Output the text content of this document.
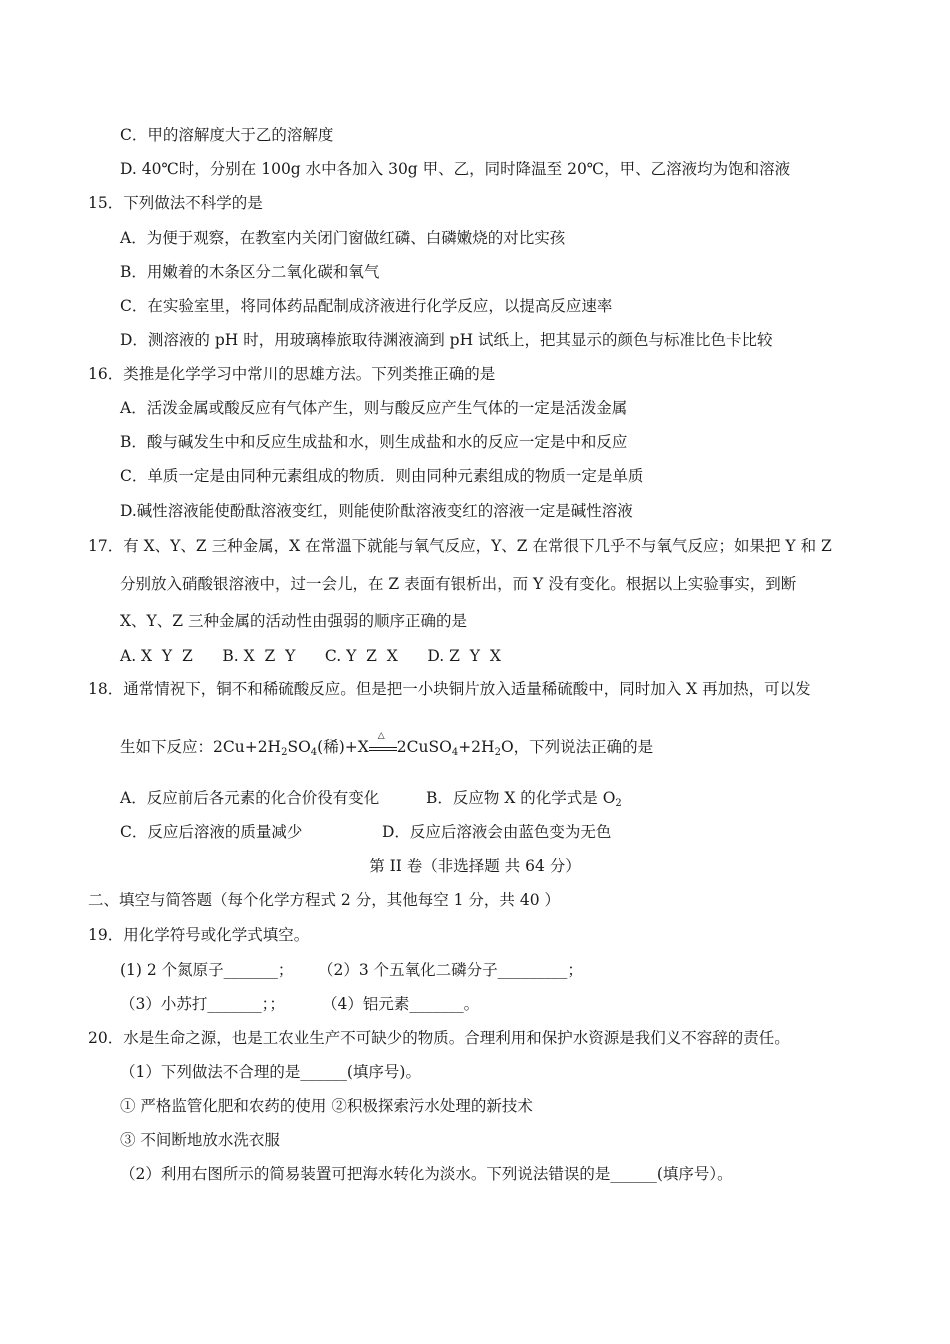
C．甲的溶解度大于乙的溶解度
D. 40℃时，分别在 100g 水中各加入 30g 甲、乙，同时降温至 20℃，甲、乙溶液均为饱和溶液
15．下列做法不科学的是
A．为便于观察，在教室内关闭门窗做红磷、白磷嫩烧的对比实孩
B．用嫩着的木条区分二氧化碳和氧气
C．在实验室里，将同体药品配制成济液进行化学反应，以提高反应速率
D．测溶液的 pH 时，用玻璃棒旅取待渊液滴到 pH 试纸上，把其显示的颜色与标准比色卡比较
16．类推是化学学习中常川的思雄方法。下列类推正确的是
A．活泼金属或酸反应有气体产生，则与酸反应产生气体的一定是活泼金属
B．酸与碱发生中和反应生成盐和水，则生成盐和水的反应一定是中和反应
C．单质一定是由同种元素组成的物质．则由同种元素组成的物质一定是单质
D.碱性溶液能使酚酞溶液变红，则能使阶酞溶液变红的溶液一定是碱性溶液
17．有 X、Y、Z 三种金属，X 在常溫下就能与氧气反应，Y、Z 在常很下几乎不与氧气反应；如果把 Y 和 Z
分别放入硝酸银溶液中，过一会儿，在 Z 表面有银析出，而 Y 没有变化。根据以上实验事实，到断
X、Y、Z 三种金属的活动性由强弱的顺序正确的是
A. X  Y  Z      B. X  Z  Y      C. Y  Z  X      D. Z  Y  X
18．通常情祝下，铜不和稀硫酸反应。但是把一小块铜片放入适量稀硫酸中，同时加入 X 再加热，可以发
生如下反应：$2Cu+2H_2SO_4$(稀)+X
△
$2CuSO_4+2H_2O$，下列说法正确的是
A．反应前后各元素的化合价役有变化	B．反应物 X 的化学式是 $O_2$
C．反应后溶液的质量减少	D．反应后溶液会由蓝色变为无色
第 II 卷（非选择题 共 64 分）
二、填空与简答题（每个化学方程式 2 分，其他每空 1 分，共 40 ）
19．用化学符号或化学式填空。
(1) 2 个氮原子_______； （2）3 个五氧化二磷分子_________；
（3）小苏打_______；； （4）铝元素_______。
20．水是生命之源，也是工农业生产不可缺少的物质。合理利用和保护水资源是我们义不容辞的责任。
（1）下列做法不合理的是______(填序号)。
① 严格监管化肥和农药的使用 ②积极探索污水处理的新技术
③ 不间断地放水洗衣服
（2）利用右图所示的简易装置可把海水转化为淡水。下列说法错误的是______(填序号）。
